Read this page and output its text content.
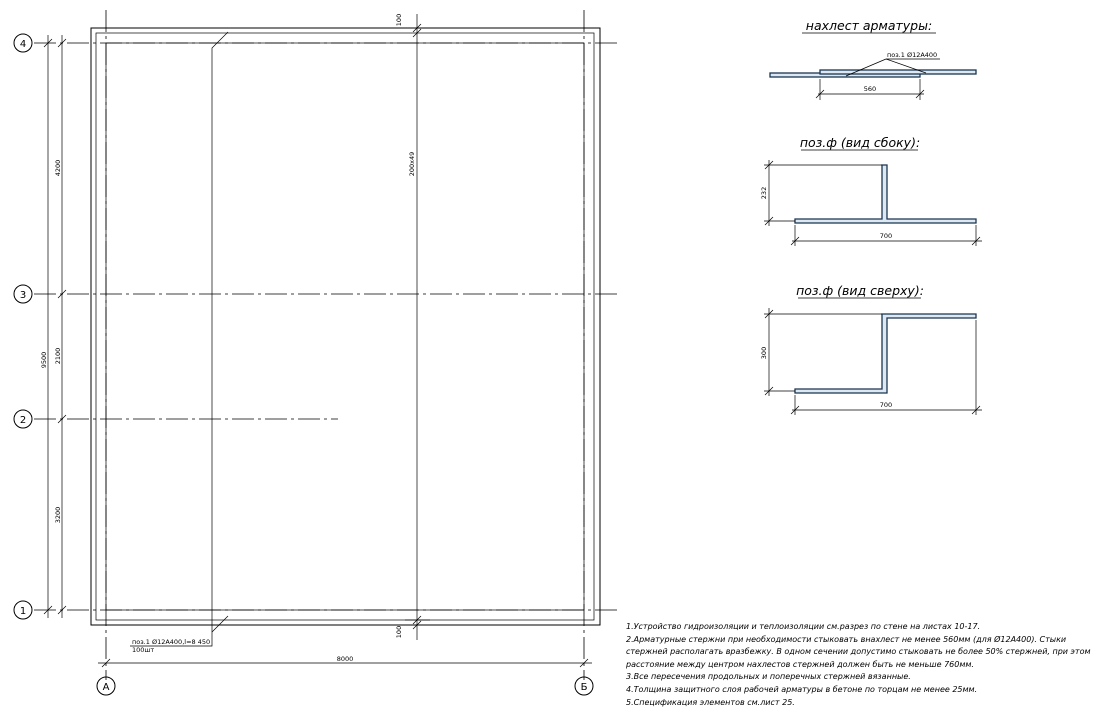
4
3
2
1
А	Б
9500
4200
2100
3200
8000
100
100
200х49
поз.1 Ø12А400,l=8 450
100шт
нахлест арматуры:
поз.1 Ø12А400
560
поз.ф (вид сбоку):
232
700
поз.ф (вид сверху):
300
700
1.Устройство гидроизоляции и теплоизоляции см.разрез по стене на листах 10-17.
2.Арматурные стержни при необходимости стыковать внахлест не менее 560мм (для Ø12А400). Стыки стержней располагать вразбежку. В одном сечении допустимо стыковать не более 50% стержней, при этом расстояние между центром нахлестов стержней должен быть не меньше 760мм.
3.Все пересечения продольных и поперечных стержней вязанные.
4.Толщина защитного слоя рабочей арматуры в бетоне по торцам не менее 25мм.
5.Спецификация элементов см.лист 25.
